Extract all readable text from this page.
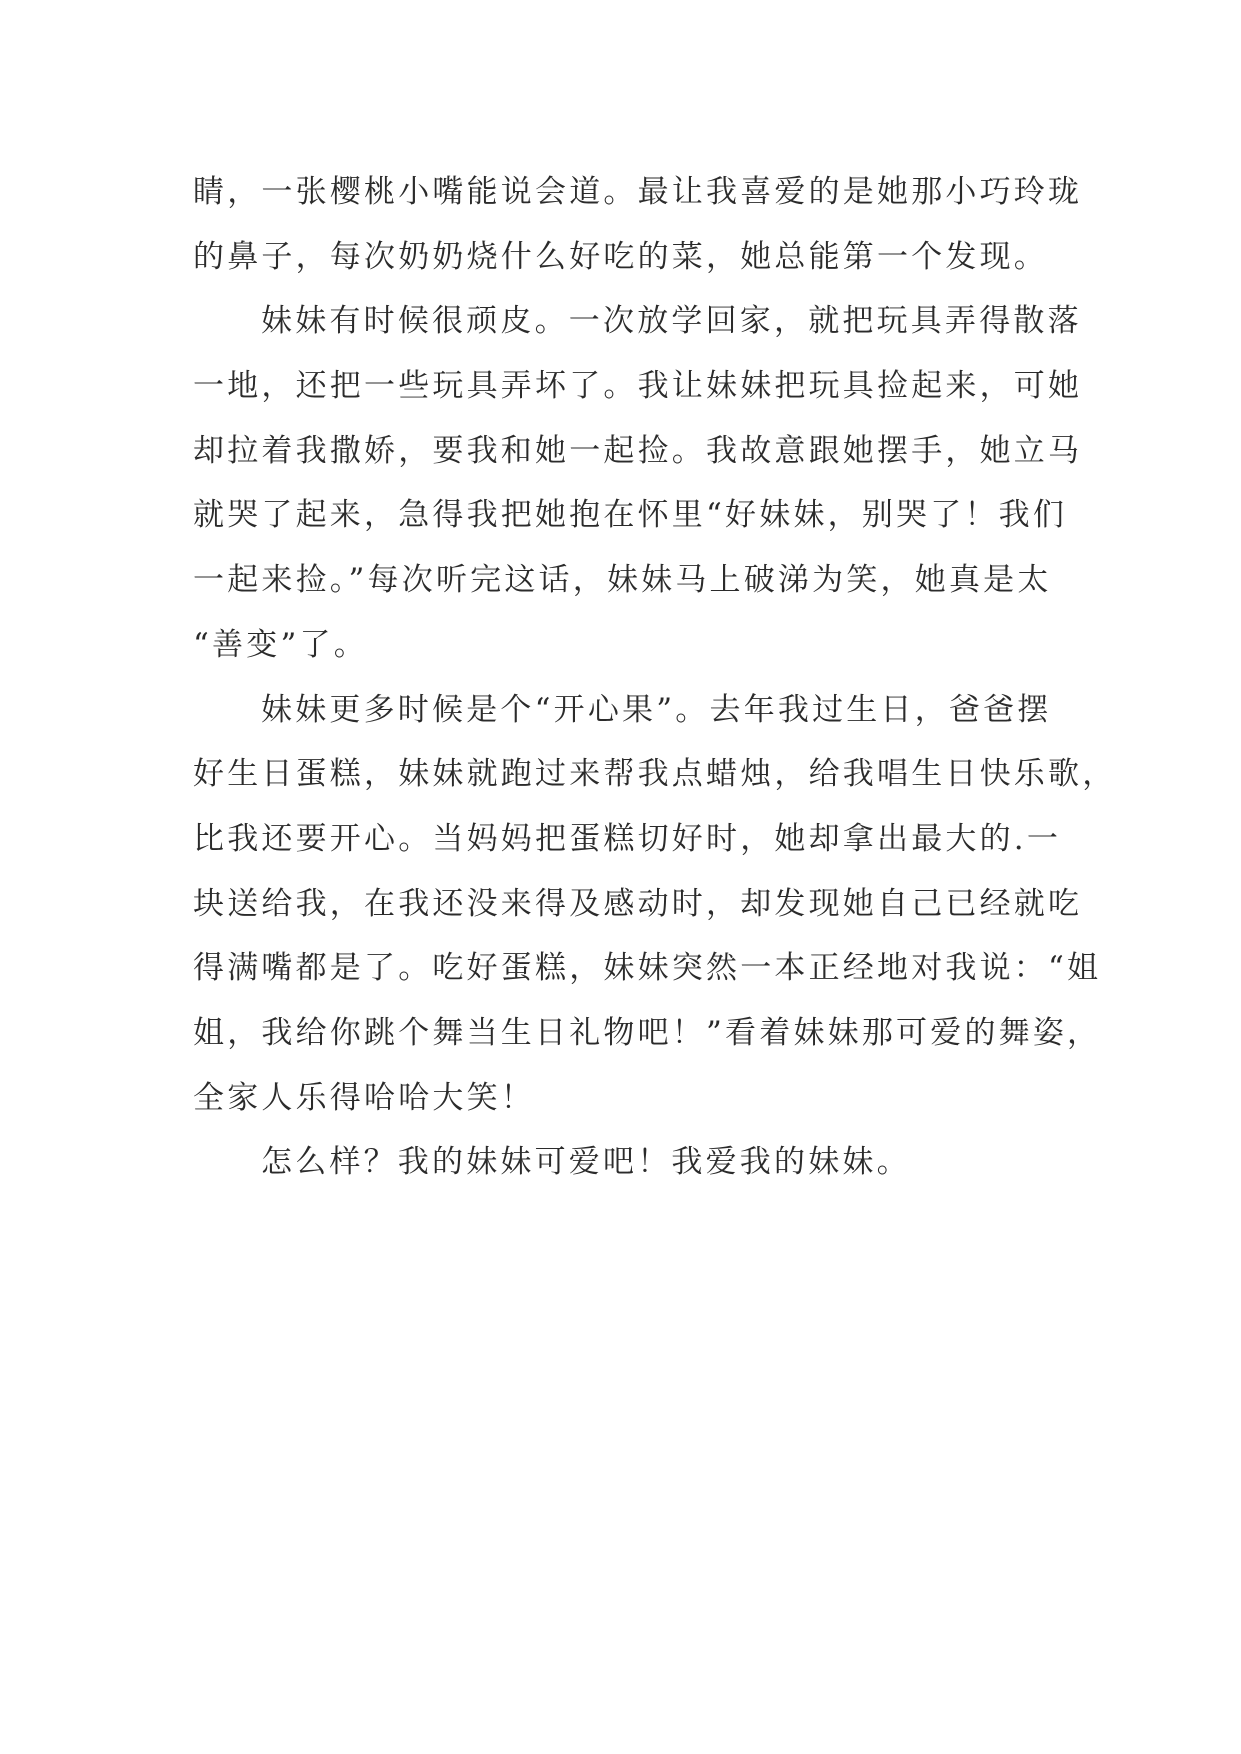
睛，一张樱桃小嘴能说会道。最让我喜爱的是她那小巧玲珑
的鼻子，每次奶奶烧什么好吃的菜，她总能第一个发现。
妹妹有时候很顽皮。一次放学回家，就把玩具弄得散落
一地，还把一些玩具弄坏了。我让妹妹把玩具捡起来，可她
却拉着我撒娇，要我和她一起捡。我故意跟她摆手，她立马
就哭了起来，急得我把她抱在怀里“好妹妹，别哭了！我们
一起来捡。”每次听完这话，妹妹马上破涕为笑，她真是太
“善变”了。
妹妹更多时候是个“开心果”。去年我过生日，爸爸摆
好生日蛋糕，妹妹就跑过来帮我点蜡烛，给我唱生日快乐歌，
比我还要开心。当妈妈把蛋糕切好时，她却拿出最大的.一
块送给我，在我还没来得及感动时，却发现她自己已经就吃
得满嘴都是了。吃好蛋糕，妹妹突然一本正经地对我说：“姐
姐，我给你跳个舞当生日礼物吧！”看着妹妹那可爱的舞姿，
全家人乐得哈哈大笑！
怎么样？我的妹妹可爱吧！我爱我的妹妹。
